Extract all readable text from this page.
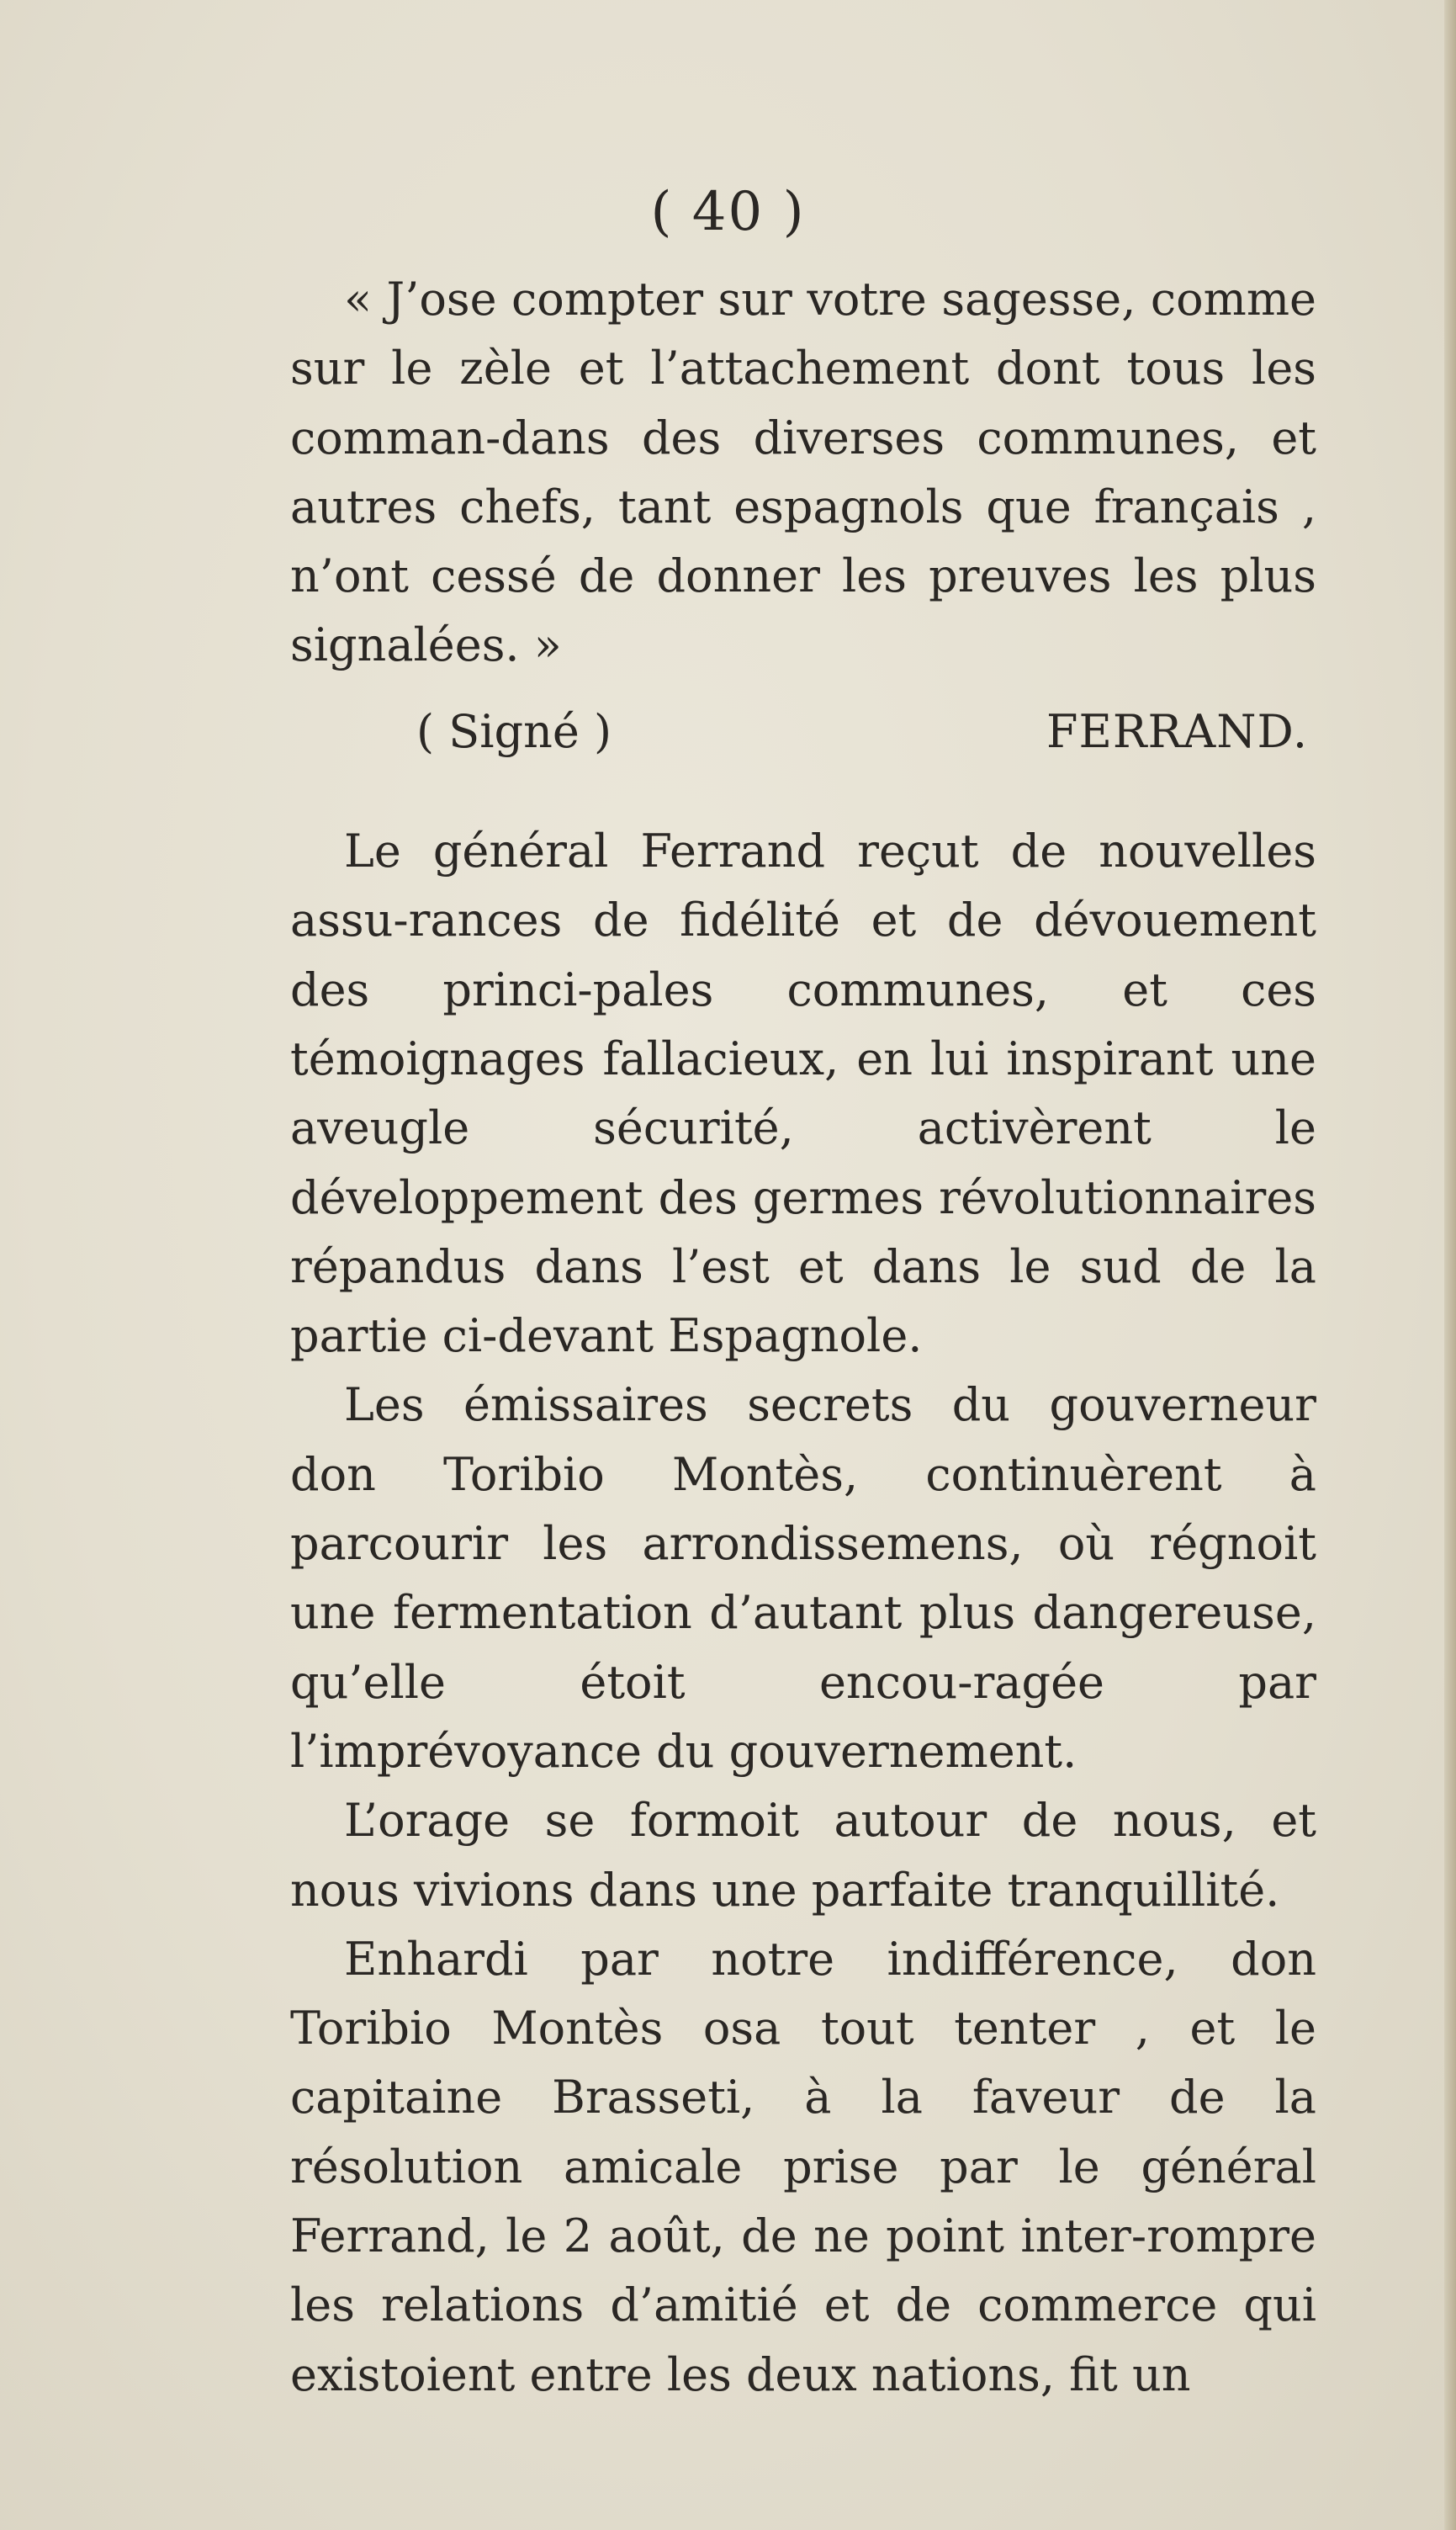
( 40 )

« J’ose compter sur votre sagesse, comme sur le zèle et l’attachement dont tous les comman-dans des diverses communes, et autres chefs, tant espagnols que français , n’ont cessé de donner les preuves les plus signalées. »

( Signé )	FERRAND.

Le général Ferrand reçut de nouvelles assu-rances de fidélité et de dévouement des princi-pales communes, et ces témoignages fallacieux, en lui inspirant une aveugle sécurité, activèrent le développement des germes révolutionnaires répandus dans l’est et dans le sud de la partie ci-devant Espagnole.

Les émissaires secrets du gouverneur don Toribio Montès, continuèrent à parcourir les arrondissemens, où régnoit une fermentation d’autant plus dangereuse, qu’elle étoit encou-ragée par l’imprévoyance du gouvernement.

L’orage se formoit autour de nous, et nous vivions dans une parfaite tranquillité.

Enhardi par notre indifférence, don Toribio Montès osa tout tenter , et le capitaine Brasseti, à la faveur de la résolution amicale prise par le général Ferrand, le 2 août, de ne point inter-rompre les relations d’amitié et de commerce qui existoient entre les deux nations, fit un
